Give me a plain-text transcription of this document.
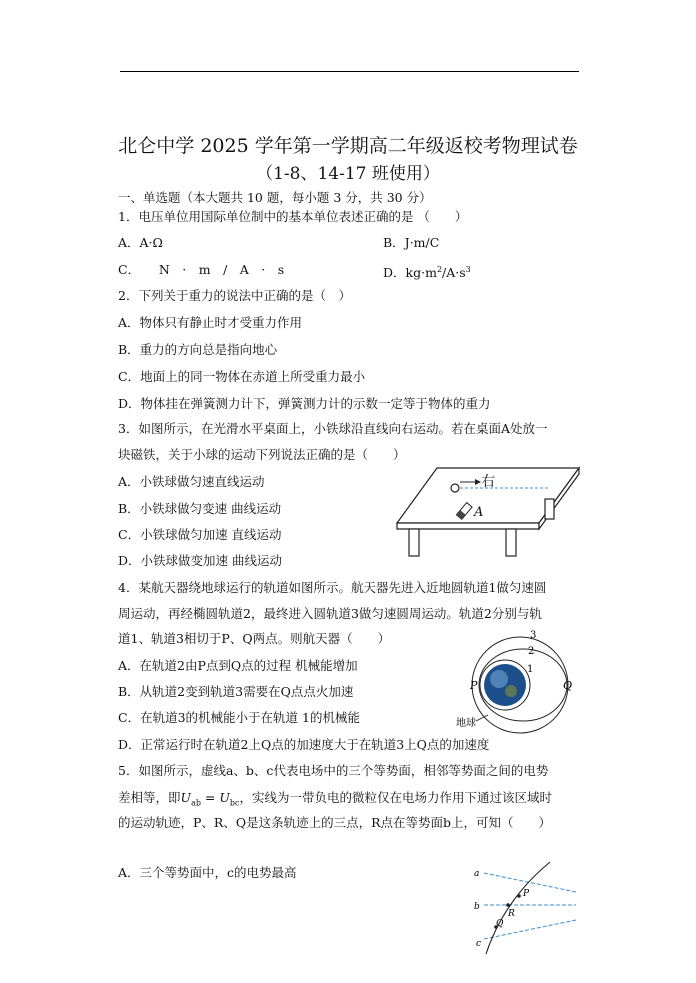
北仑中学 2025 学年第一学期高二年级返校考物理试卷
（1-8、14-17 班使用）
一、单选题（本大题共 10 题，每小题 3 分，共 30 分）
1．电压单位用国际单位制中的基本单位表述正确的是 （　　）
A．A·Ω	B．J·m/C
C．　　N　·　m　/　A　·　s	D．$kg\cdot m^2/A\cdot s^3$
2．下列关于重力的说法中正确的是（　）
A．物体只有静止时才受重力作用
B．重力的方向总是指向地心
C．地面上的同一物体在赤道上所受重力最小
D．物体挂在弹簧测力计下，弹簧测力计的示数一定等于物体的重力
3．如图所示，在光滑水平桌面上，小铁球沿直线向右运动。若在桌面A处放一
块磁铁，关于小球的运动下列说法正确的是（　　）
A．小铁球做匀速直线运动
B．小铁球做匀变速 曲线运动
C．小铁球做匀加速 直线运动
D．小铁球做变加速 曲线运动
右
A
4．某航天器绕地球运行的轨道如图所示。航天器先进入近地圆轨道1做匀速圆
周运动，再经椭圆轨道2，最终进入圆轨道3做匀速圆周运动。轨道2分别与轨
道1、轨道3相切于P、Q两点。则航天器（　　）
A．在轨道2由P点到Q点的过程 机械能增加
B．从轨道2变到轨道3需要在Q点点火加速
C．在轨道3的机械能小于在轨道 1的机械能
D．正常运行时在轨道2上Q点的加速度大于在轨道3上Q点的加速度
3
2
1
P	Q
地球
5．如图所示，虚线a、b、c代表电场中的三个等势面，相邻等势面之间的电势
差相等，即$U_{ab} = U_{bc}$，实线为一带负电的微粒仅在电场力作用下通过该区域时
的运动轨迹，P、R、Q是这条轨迹上的三点，R点在等势面b上，可知（　　）
A．三个等势面中，c的电势最高	a
b
c
P
R
Q
